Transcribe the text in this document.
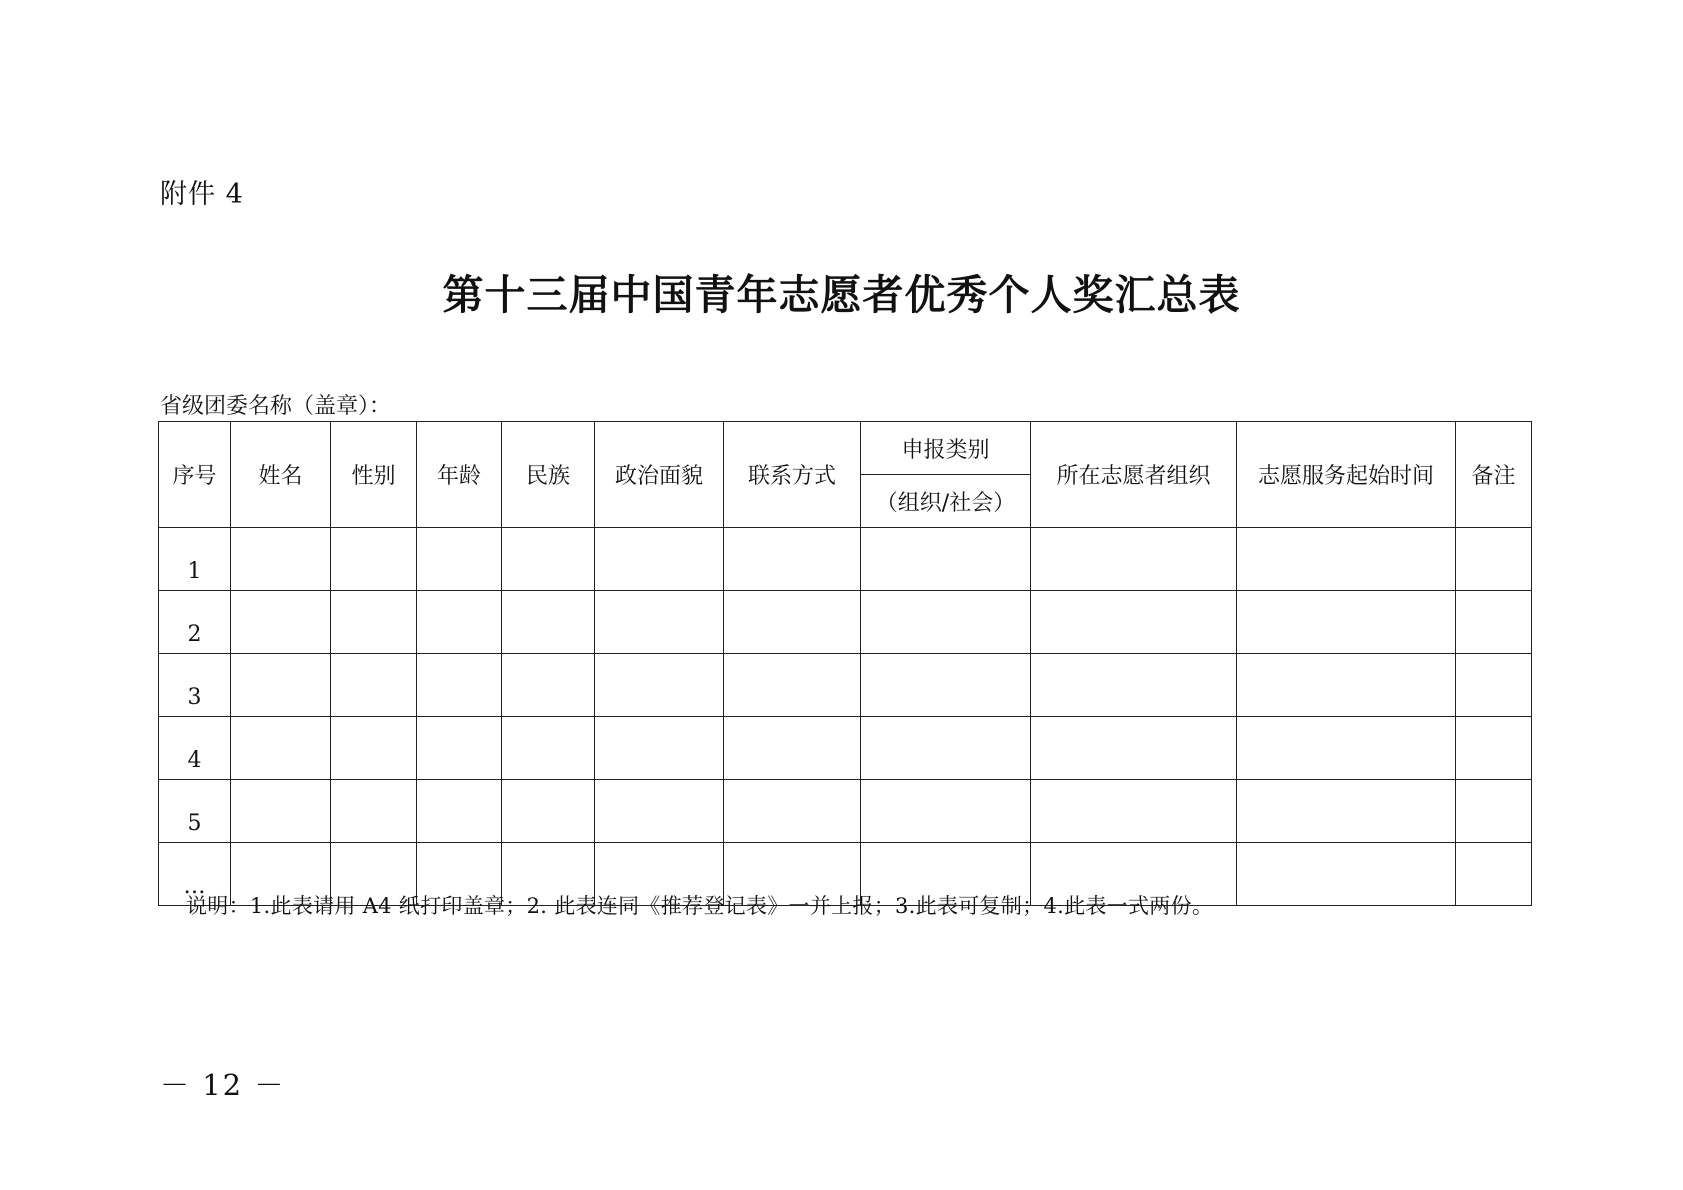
附件 4
第十三届中国青年志愿者优秀个人奖汇总表
省级团委名称（盖章）：
序号	姓名	性别	年龄	民族	政治面貌	联系方式	申报类别	所在志愿者组织	志愿服务起始时间	备注
							（组织/社会）			
1										
2										
3										
4										
5										
…										
说明：1.此表请用 A4 纸打印盖章；2. 此表连同《推荐登记表》一并上报；3.此表可复制；4.此表一式两份。
－ 12 －
